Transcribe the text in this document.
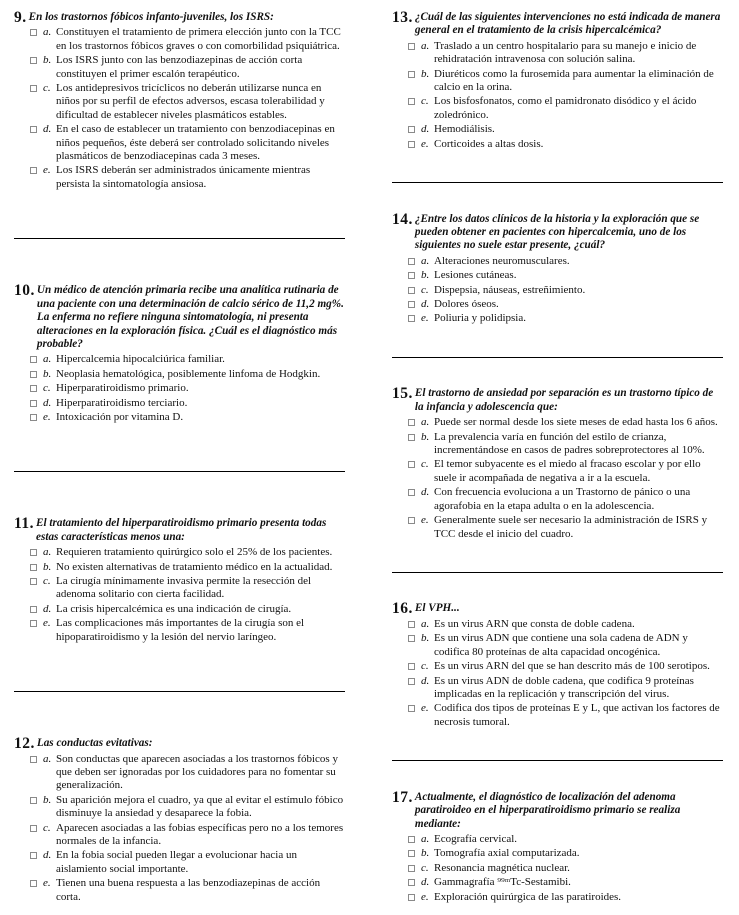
9. En los trastornos fóbicos infanto-juveniles, los ISRS:
a. Constituyen el tratamiento de primera elección junto con la TCC en los trastornos fóbicos graves o con comorbilidad psiquiátrica.
b. Los ISRS junto con las benzodiazepinas de acción corta constituyen el primer escalón terapéutico.
c. Los antidepresivos tricíclicos no deberán utilizarse nunca en niños por su perfil de efectos adversos, escasa tolerabilidad y dificultad de establecer niveles plasmáticos estables.
d. En el caso de establecer un tratamiento con benzodiacepinas en niños pequeños, éste deberá ser controlado solicitando niveles plasmáticos de benzodiacepinas cada 3 meses.
e. Los ISRS deberán ser administrados únicamente mientras persista la sintomatología ansiosa.
10. Un médico de atención primaria recibe una analítica rutinaria de una paciente con una determinación de calcio sérico de 11,2 mg%. La enferma no refiere ninguna sintomatología, ni presenta alteraciones en la exploración física. ¿Cuál es el diagnóstico más probable?
a. Hipercalcemia hipocalciúrica familiar.
b. Neoplasia hematológica, posiblemente linfoma de Hodgkin.
c. Hiperparatiroidismo primario.
d. Hiperparatiroidismo terciario.
e. Intoxicación por vitamina D.
11. El tratamiento del hiperparatiroidismo primario presenta todas estas características menos una:
a. Requieren tratamiento quirúrgico solo el 25% de los pacientes.
b. No existen alternativas de tratamiento médico en la actualidad.
c. La cirugía mínimamente invasiva permite la resección del adenoma solitario con cierta facilidad.
d. La crisis hipercalcémica es una indicación de cirugía.
e. Las complicaciones más importantes de la cirugía son el hipoparatiroidismo y la lesión del nervio laríngeo.
12. Las conductas evitativas:
a. Son conductas que aparecen asociadas a los trastornos fóbicos y que deben ser ignoradas por los cuidadores para no fomentar su generalización.
b. Su aparición mejora el cuadro, ya que al evitar el estímulo fóbico disminuye la ansiedad y desaparece la fobia.
c. Aparecen asociadas a las fobias específicas pero no a los temores normales de la infancia.
d. En la fobia social pueden llegar a evolucionar hacia un aislamiento social importante.
e. Tienen una buena respuesta a las benzodiazepinas de acción corta.
13. ¿Cuál de las siguientes intervenciones no está indicada de manera general en el tratamiento de la crisis hipercalcémica?
a. Traslado a un centro hospitalario para su manejo e inicio de rehidratación intravenosa con solución salina.
b. Diuréticos como la furosemida para aumentar la eliminación de calcio en la orina.
c. Los bisfosfonatos, como el pamidronato disódico y el ácido zoledrónico.
d. Hemodiálisis.
e. Corticoides a altas dosis.
14. ¿Entre los datos clínicos de la historia y la exploración que se pueden obtener en pacientes con hipercalcemia, uno de los siguientes no suele estar presente, ¿cuál?
a. Alteraciones neuromusculares.
b. Lesiones cutáneas.
c. Dispepsia, náuseas, estreñimiento.
d. Dolores óseos.
e. Poliuria y polidipsia.
15. El trastorno de ansiedad por separación es un trastorno típico de la infancia y adolescencia que:
a. Puede ser normal desde los siete meses de edad hasta los 6 años.
b. La prevalencia varía en función del estilo de crianza, incrementándose en casos de padres sobreprotectores al 10%.
c. El temor subyacente es el miedo al fracaso escolar y por ello suele ir acompañada de negativa a ir a la escuela.
d. Con frecuencia evoluciona a un Trastorno de pánico o una agorafobia en la etapa adulta o en la adolescencia.
e. Generalmente suele ser necesario la administración de ISRS y TCC desde el inicio del cuadro.
16. El VPH...
a. Es un virus ARN que consta de doble cadena.
b. Es un virus ADN que contiene una sola cadena de ADN y codifica 80 proteínas de alta capacidad oncogénica.
c. Es un virus ARN del que se han descrito más de 100 serotipos.
d. Es un virus ADN de doble cadena, que codifica 9 proteínas implicadas en la replicación y transcripción del virus.
e. Codifica dos tipos de proteínas E y L, que activan los factores de necrosis tumoral.
17. Actualmente, el diagnóstico de localización del adenoma paratiroideo en el hiperparatiroidismo primario se realiza mediante:
a. Ecografía cervical.
b. Tomografía axial computarizada.
c. Resonancia magnética nuclear.
d. Gammagrafía ⁹⁹ᵐTc-Sestamibi.
e. Exploración quirúrgica de las paratiroides.
